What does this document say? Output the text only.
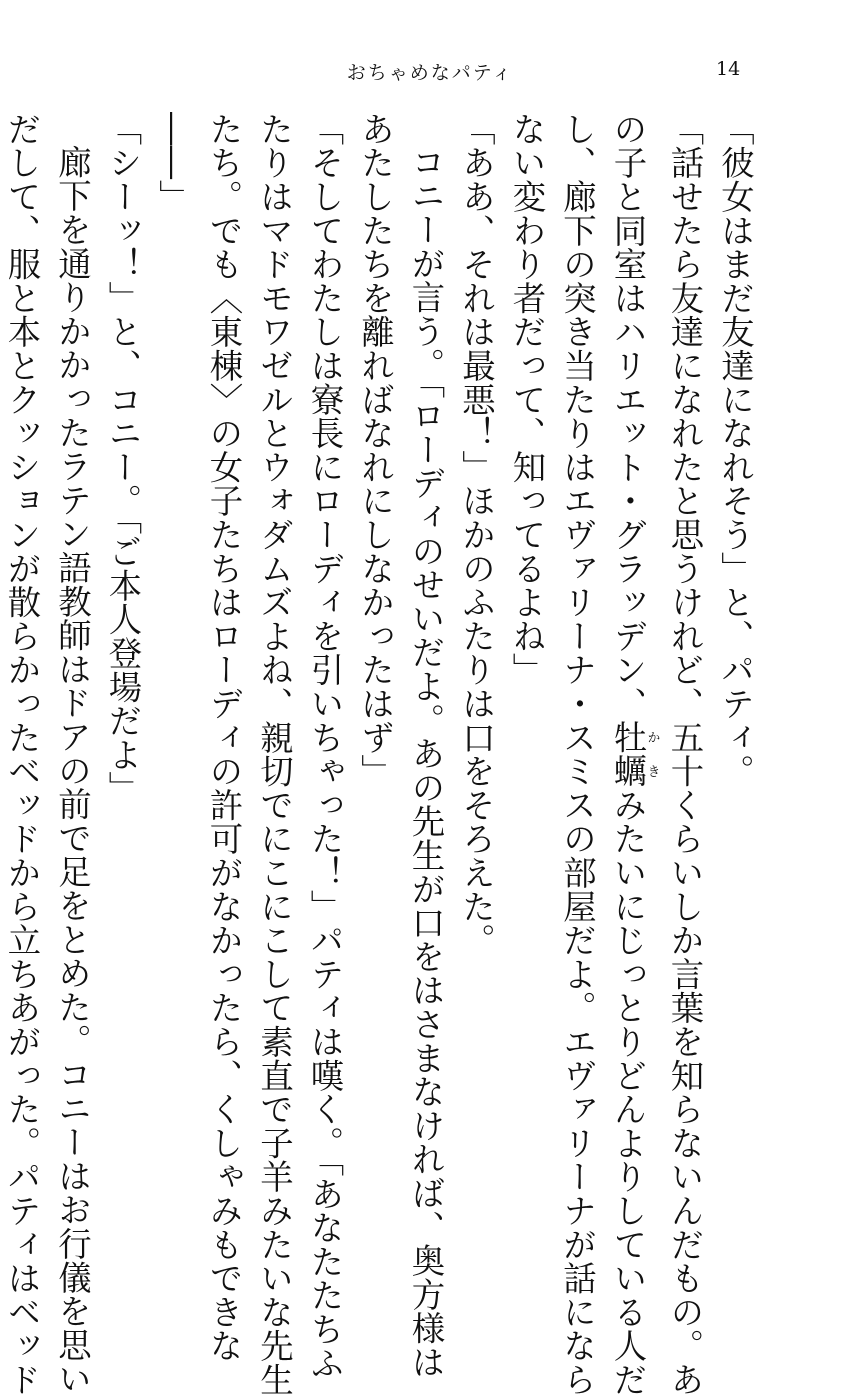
おちゃめなパティ	14

「彼女はまだ友達になれそう」と、パティ。

「話せたら友達になれたと思うけれど、五十くらいしか言葉を知らないんだもの。あ

の子と同室はハリエット・グラッデン、牡蠣かきみたいにじっとりどんよりしている人だ

し、廊下の突き当たりはエヴァリーナ・スミスの部屋だよ。エヴァリーナが話になら

ない変わり者だって、知ってるよね」

「ああ、それは最悪！」ほかのふたりは口をそろえた。

コニーが言う。「ローディのせいだよ。あの先生が口をはさまなければ、奥方様は

あたしたちを離ればなれにしなかったはず」

「そしてわたしは寮長にローディを引いちゃった！」パティは嘆く。「あなたたちふ

たりはマドモワゼルとウォダムズよね、親切でにこにこして素直で子羊みたいな先生

たち。でも〈東棟〉の女子たちはローディの許可がなかったら、くしゃみもできな

――」

「シーッ！」と、コニー。「ご本人登場だよ」

廊下を通りかかったラテン語教師はドアの前で足をとめた。コニーはお行儀を思い

だして、服と本とクッションが散らかったベッドから立ちあがった。パティはベッド
